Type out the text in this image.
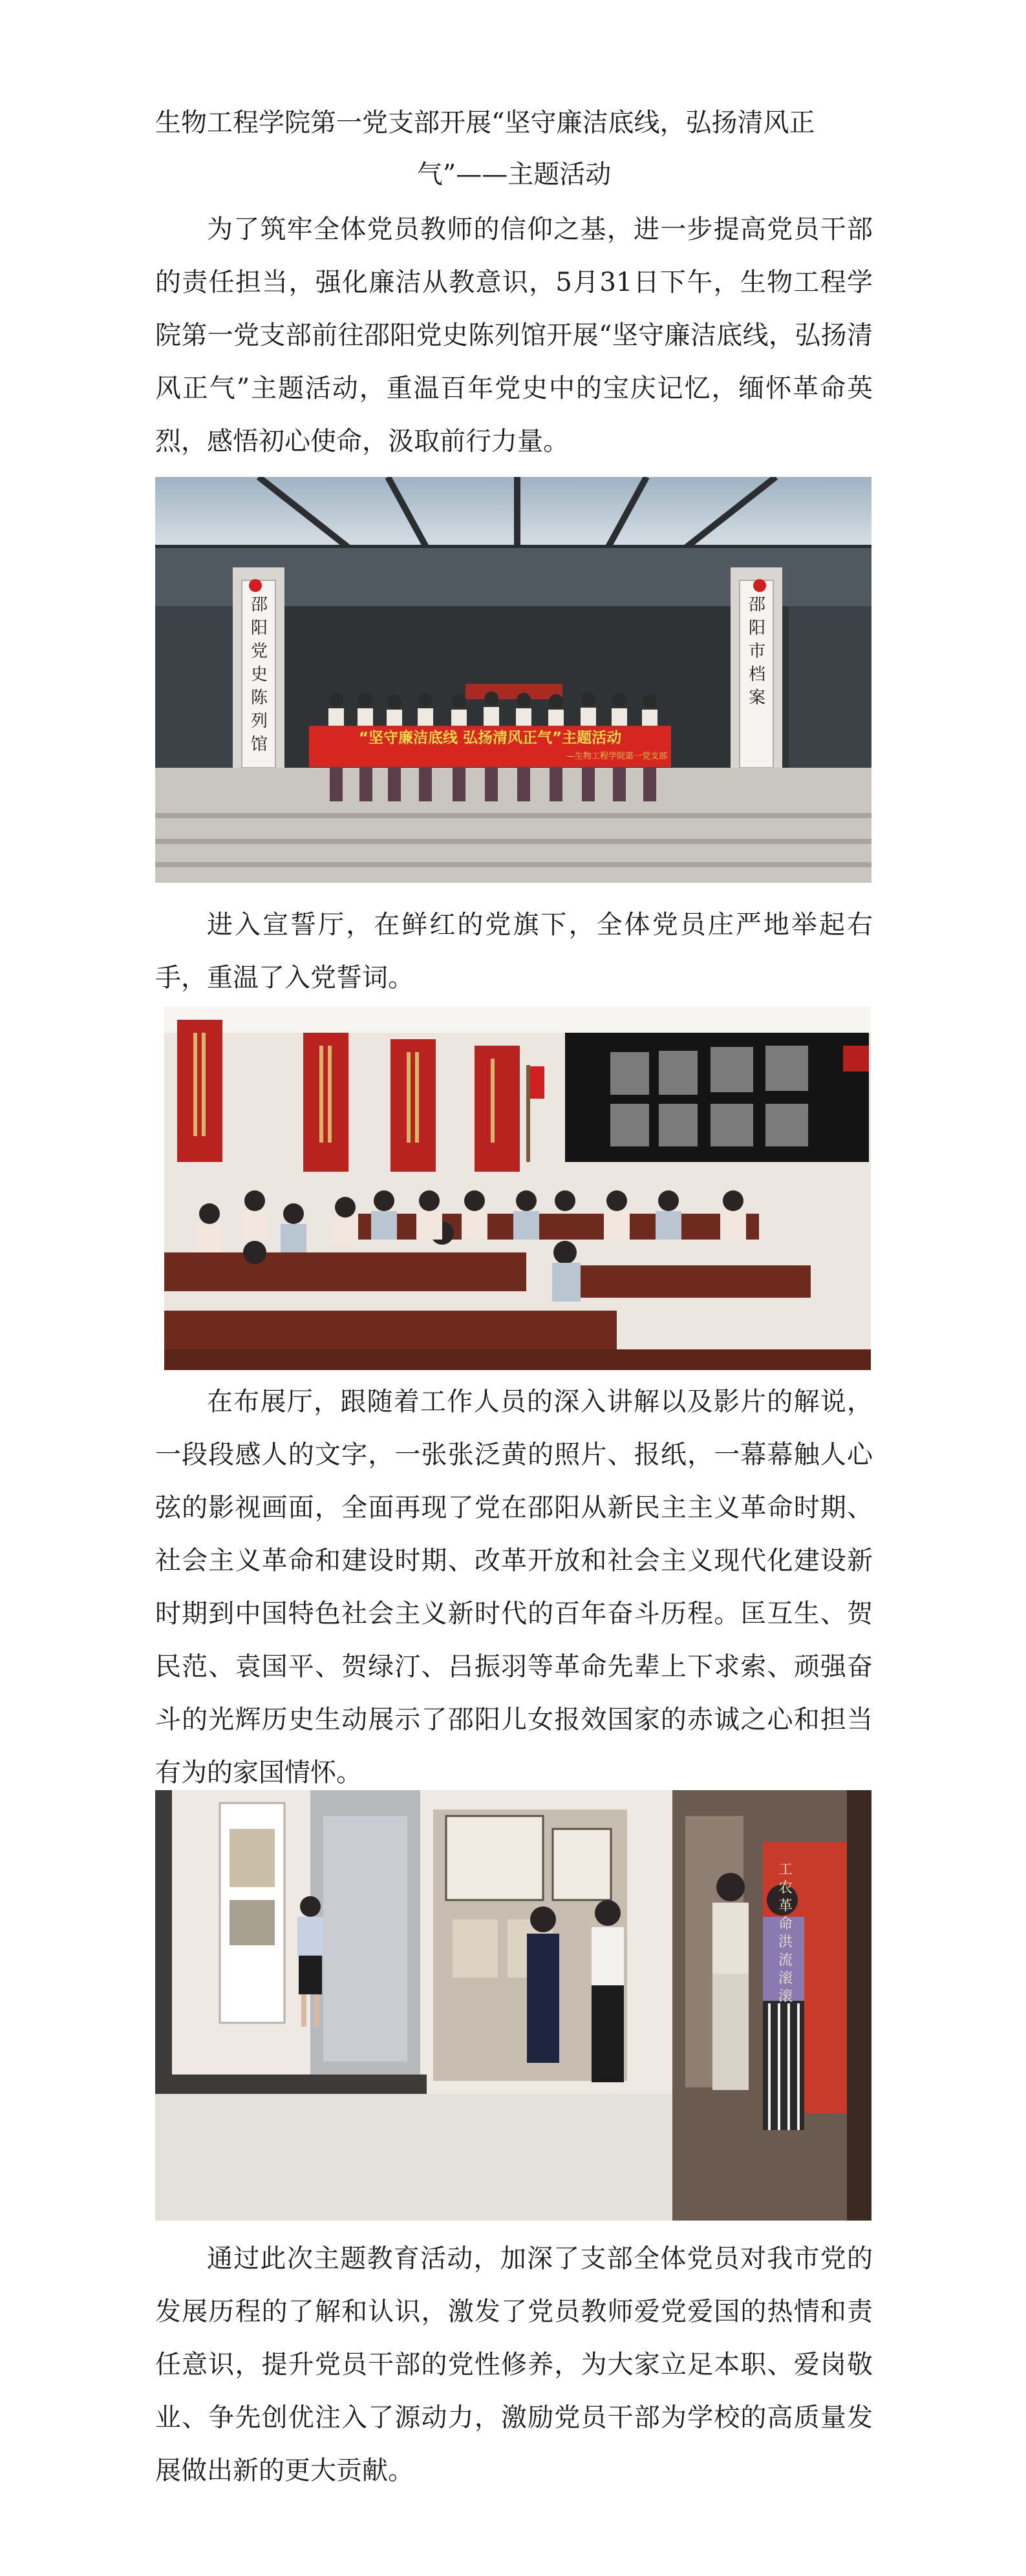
生物工程学院第一党支部开展“坚守廉洁底线，弘扬清风正
气”——主题活动

为了筑牢全体党员教师的信仰之基，进一步提高党员干部的责任担当，强化廉洁从教意识，5月31日下午，生物工程学院第一党支部前往邵阳党史陈列馆开展“坚守廉洁底线，弘扬清风正气”主题活动，重温百年党史中的宝庆记忆，缅怀革命英烈，感悟初心使命，汲取前行力量。

邵阳党史陈列馆
邵阳市档案
“坚守廉洁底线 弘扬清风正气”主题活动
—生物工程学院第一党支部

进入宣誓厅，在鲜红的党旗下，全体党员庄严地举起右手，重温了入党誓词。

在布展厅，跟随着工作人员的深入讲解以及影片的解说，一段段感人的文字，一张张泛黄的照片、报纸，一幕幕触人心弦的影视画面，全面再现了党在邵阳从新民主主义革命时期、社会主义革命和建设时期、改革开放和社会主义现代化建设新时期到中国特色社会主义新时代的百年奋斗历程。匡互生、贺民范、袁国平、贺绿汀、吕振羽等革命先辈上下求索、顽强奋斗的光辉历史生动展示了邵阳儿女报效国家的赤诚之心和担当有为的家国情怀。

工农革命 洪流滚滚

通过此次主题教育活动，加深了支部全体党员对我市党的发展历程的了解和认识，激发了党员教师爱党爱国的热情和责任意识，提升党员干部的党性修养，为大家立足本职、爱岗敬业、争先创优注入了源动力，激励党员干部为学校的高质量发展做出新的更大贡献。
